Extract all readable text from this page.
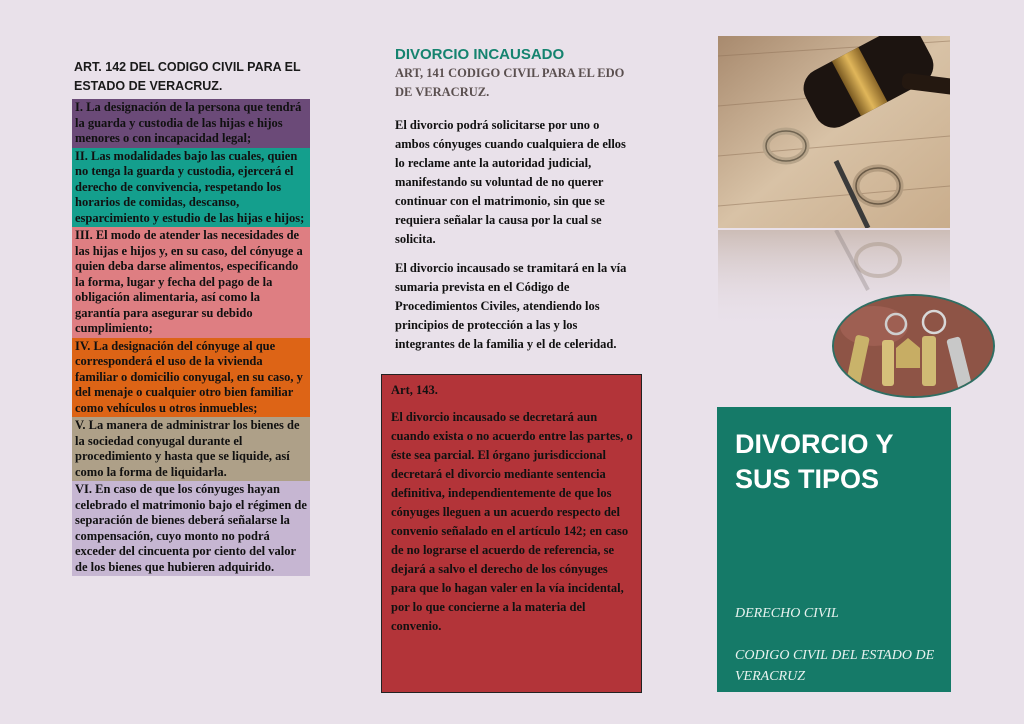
ART. 142 DEL CODIGO CIVIL PARA EL ESTADO DE VERACRUZ.
I. La designación de la persona que tendrá la guarda y custodia de las hijas e hijos menores o con incapacidad legal;
II. Las modalidades bajo las cuales, quien no tenga la guarda y custodia, ejercerá el derecho de convivencia, respetando los horarios de comidas, descanso, esparcimiento y estudio de las hijas e hijos;
III. El modo de atender las necesidades de las hijas e hijos y, en su caso, del cónyuge a quien deba darse alimentos, especificando la forma, lugar y fecha del pago de la obligación alimentaria, así como la garantía para asegurar su debido cumplimiento;
IV. La designación del cónyuge al que corresponderá el uso de la vivienda familiar o domicilio conyugal, en su caso, y del menaje o cualquier otro bien familiar como vehículos u otros inmuebles;
V. La manera de administrar los bienes de la sociedad conyugal durante el procedimiento y hasta que se liquide, así como la forma de liquidarla.
VI. En caso de que los cónyuges hayan celebrado el matrimonio bajo el régimen de separación de bienes deberá señalarse la compensación, cuyo monto no podrá exceder del cincuenta por ciento del valor de los bienes que hubieren adquirido.
DIVORCIO INCAUSADO
ART, 141 CODIGO CIVIL PARA EL EDO DE VERACRUZ.
El divorcio podrá solicitarse por uno o ambos cónyuges cuando cualquiera de ellos lo reclame ante la autoridad judicial, manifestando su voluntad de no querer continuar con el matrimonio, sin que se requiera señalar la causa por la cual se solicita.
El divorcio incausado se tramitará en la vía sumaria prevista en el Código de Procedimientos Civiles, atendiendo los principios de protección a las y los integrantes de la familia y el de celeridad.
Art, 143.
El divorcio incausado se decretará aun cuando exista o no acuerdo entre las partes, o éste sea parcial. El órgano jurisdiccional decretará el divorcio mediante sentencia definitiva, independientemente de que los cónyuges lleguen a un acuerdo respecto del convenio señalado en el artículo 142; en caso de no lograrse el acuerdo de referencia, se dejará a salvo el derecho de los cónyuges para que lo hagan valer en la vía incidental, por lo que concierne a la materia del convenio.
DIVORCIO Y SUS TIPOS
DERECHO CIVIL
CODIGO CIVIL DEL ESTADO DE VERACRUZ
